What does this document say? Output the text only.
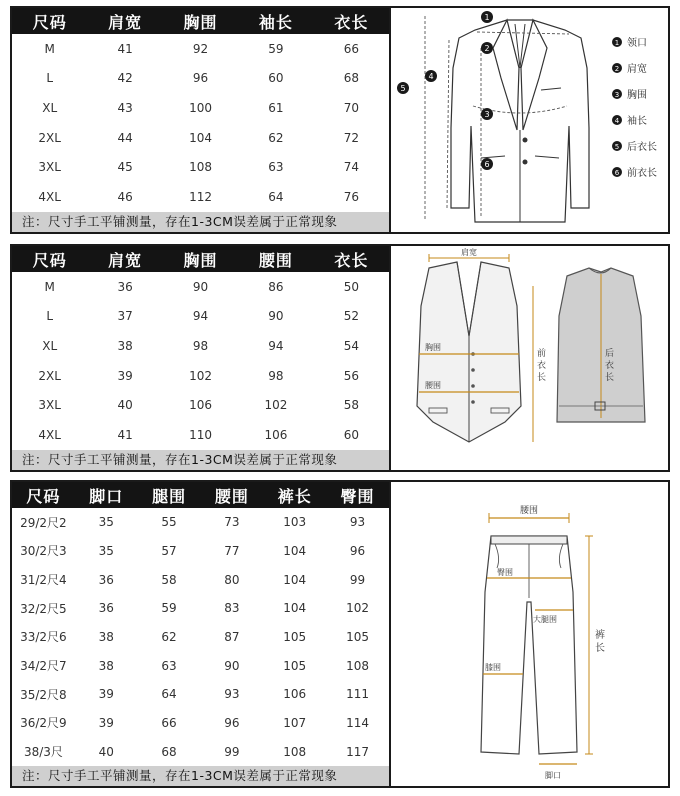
尺码	肩宽	胸围	袖长	衣长
M	41	92	59	66
L	42	96	60	68
XL	43	100	61	70
2XL	44	104	62	72
3XL	45	108	63	74
4XL	46	112	64	76
注：尺寸手工平铺测量，存在1-3CM误差属于正常现象
1
2
3
4
5
6
1 领口
2 肩宽
3 胸围
4 袖长
5 后衣长
6 前衣长
尺码	肩宽	胸围	腰围	衣长
M	36	90	86	50
L	37	94	90	52
XL	38	98	94	54
2XL	39	102	98	56
3XL	40	106	102	58
4XL	41	110	106	60
注：尺寸手工平铺测量，存在1-3CM误差属于正常现象
肩宽
胸围
腰围
前
衣
长
后
衣
长
尺码	脚口	腿围	腰围	裤长	臀围
29/2尺2	35	55	73	103	93
30/2尺3	35	57	77	104	96
31/2尺4	36	58	80	104	99
32/2尺5	36	59	83	104	102
33/2尺6	38	62	87	105	105
34/2尺7	38	63	90	105	108
35/2尺8	39	64	93	106	111
36/2尺9	39	66	96	107	114
38/3尺	40	68	99	108	117
注：尺寸手工平铺测量，存在1-3CM误差属于正常现象
腰围
臀围
大腿围
膝围
裤
长
脚口
